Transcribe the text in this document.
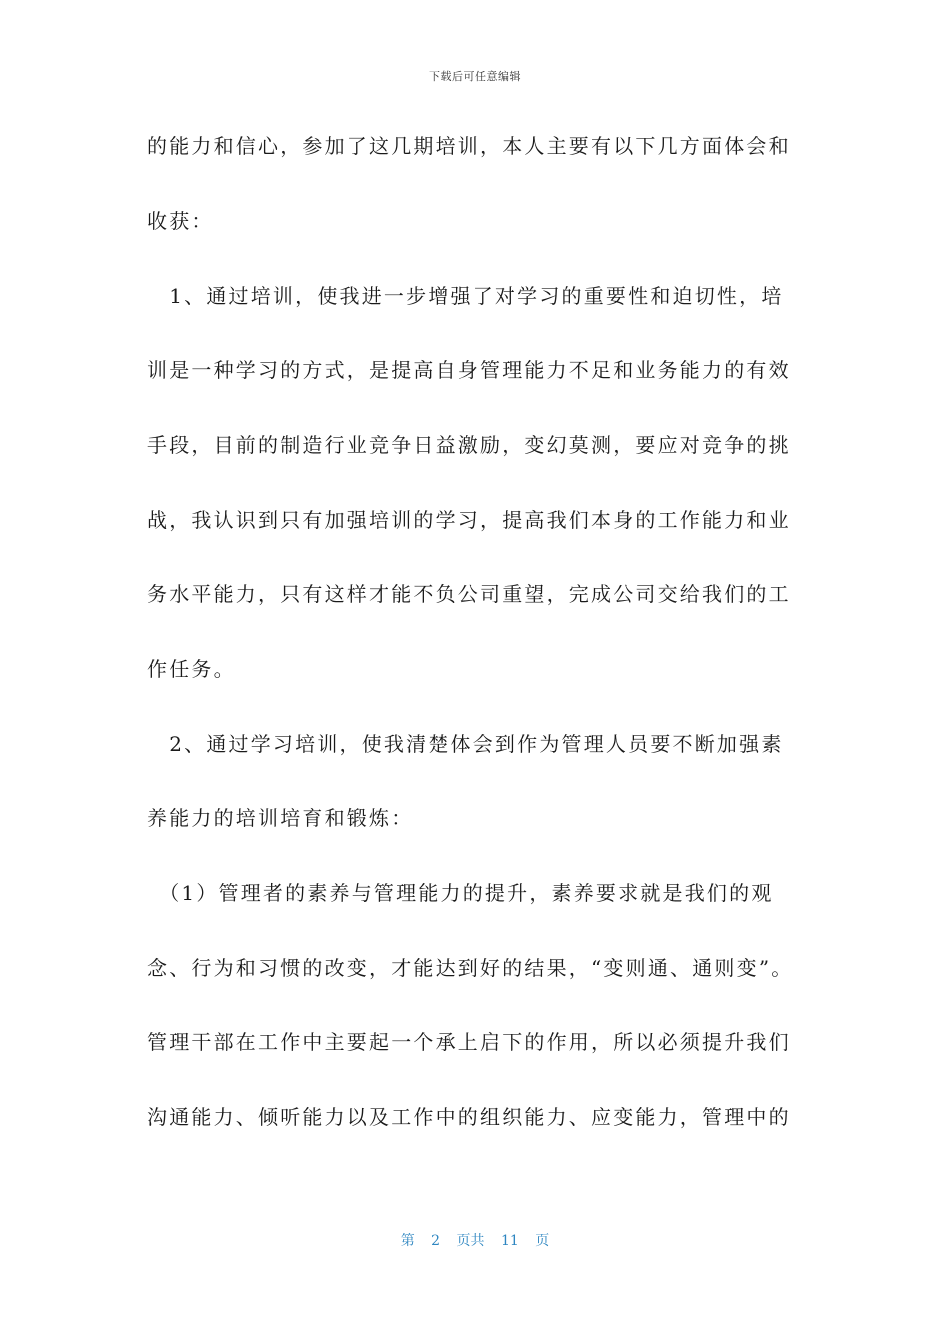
下载后可任意编辑
的能力和信心，参加了这几期培训，本人主要有以下几方面体会和
收获：
　1、通过培训，使我进一步增强了对学习的重要性和迫切性，培
训是一种学习的方式，是提高自身管理能力不足和业务能力的有效
手段，目前的制造行业竞争日益激励，变幻莫测，要应对竞争的挑
战，我认识到只有加强培训的学习，提高我们本身的工作能力和业
务水平能力，只有这样才能不负公司重望，完成公司交给我们的工
作任务。
　2、通过学习培训，使我清楚体会到作为管理人员要不断加强素
养能力的培训培育和锻炼：
　（1）管理者的素养与管理能力的提升，素养要求就是我们的观
念、行为和习惯的改变，才能达到好的结果，“变则通、通则变”。
管理干部在工作中主要起一个承上启下的作用，所以必须提升我们
沟通能力、倾听能力以及工作中的组织能力、应变能力，管理中的
第 2 页共 11 页
